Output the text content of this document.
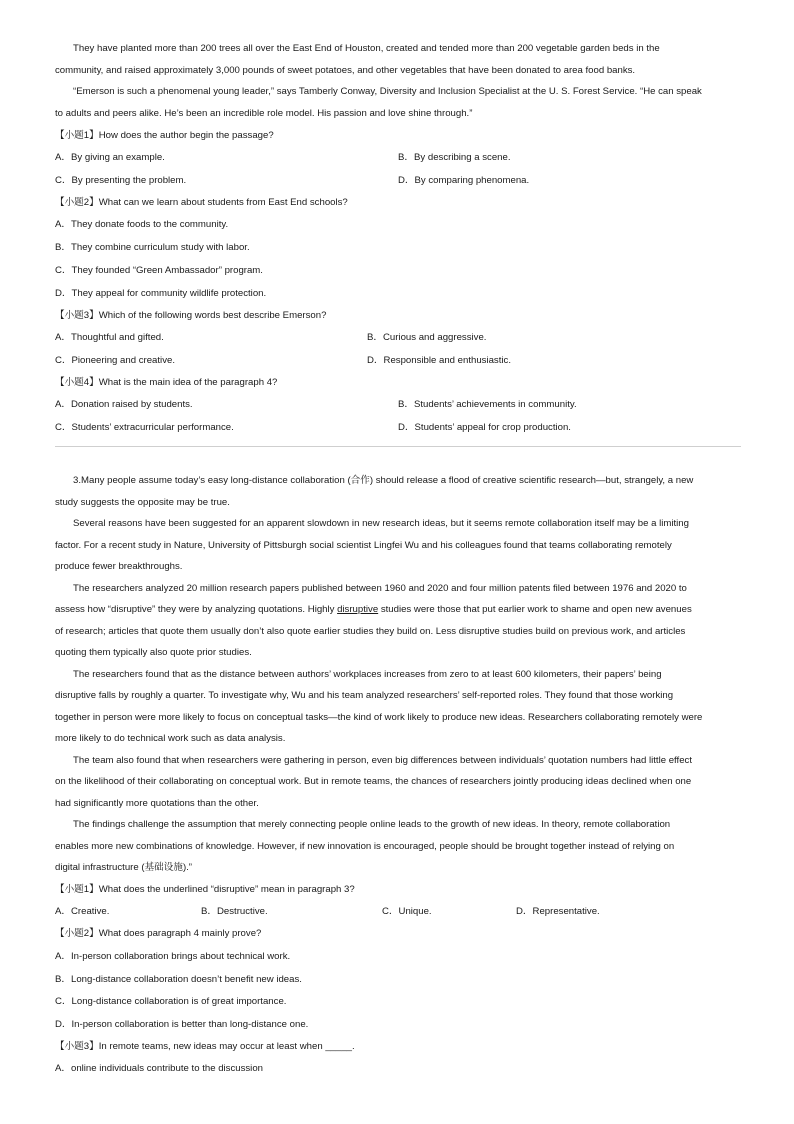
They have planted more than 200 trees all over the East End of Houston, created and tended more than 200 vegetable garden beds in the
community, and raised approximately 3,000 pounds of sweet potatoes, and other vegetables that have been donated to area food banks.
“Emerson is such a phenomenal young leader,” says Tamberly Conway, Diversity and Inclusion Specialist at the U. S. Forest Service. “He can speak
to adults and peers alike. He’s been an incredible role model. His passion and love shine through.”
【小题1】How does the author begin the passage?
A．By giving an example.	B．By describing a scene.
C．By presenting the problem.	D．By comparing phenomena.
【小题2】What can we learn about students from East End schools?
A．They donate foods to the community.
B．They combine curriculum study with labor.
C．They founded “Green Ambassador” program.
D．They appeal for community wildlife protection.
【小题3】Which of the following words best describe Emerson?
A．Thoughtful and gifted.	B．Curious and aggressive.
C．Pioneering and creative.	D．Responsible and enthusiastic.
【小题4】What is the main idea of the paragraph 4?
A．Donation raised by students.	B．Students’ achievements in community.
C．Students’ extracurricular performance.	D．Students’ appeal for crop production.
3.Many people assume today’s easy long-distance collaboration (合作) should release a flood of creative scientific research—but, strangely, a new
study suggests the opposite may be true.
Several reasons have been suggested for an apparent slowdown in new research ideas, but it seems remote collaboration itself may be a limiting
factor. For a recent study in Nature, University of Pittsburgh social scientist Lingfei Wu and his colleagues found that teams collaborating remotely
produce fewer breakthroughs.
The researchers analyzed 20 million research papers published between 1960 and 2020 and four million patents filed between 1976 and 2020 to
assess how “disruptive” they were by analyzing quotations. Highly disruptive studies were those that put earlier work to shame and open new avenues
of research; articles that quote them usually don’t also quote earlier studies they build on. Less disruptive studies build on previous work, and articles
quoting them typically also quote prior studies.
The researchers found that as the distance between authors’ workplaces increases from zero to at least 600 kilometers, their papers’ being
disruptive falls by roughly a quarter. To investigate why, Wu and his team analyzed researchers’ self-reported roles. They found that those working
together in person were more likely to focus on conceptual tasks—the kind of work likely to produce new ideas. Researchers collaborating remotely were
more likely to do technical work such as data analysis.
The team also found that when researchers were gathering in person, even big differences between individuals’ quotation numbers had little effect
on the likelihood of their collaborating on conceptual work. But in remote teams, the chances of researchers jointly producing ideas declined when one
had significantly more quotations than the other.
The findings challenge the assumption that merely connecting people online leads to the growth of new ideas. In theory, remote collaboration
enables more new combinations of knowledge. However, if new innovation is encouraged, people should be brought together instead of relying on
digital infrastructure (基础设施).”
【小题1】What does the underlined “disruptive” mean in paragraph 3?
A．Creative.	B．Destructive.	C．Unique.	D．Representative.
【小题2】What does paragraph 4 mainly prove?
A．In-person collaboration brings about technical work.
B．Long-distance collaboration doesn’t benefit new ideas.
C．Long-distance collaboration is of great importance.
D．In-person collaboration is better than long-distance one.
【小题3】In remote teams, new ideas may occur at least when _____.
A．online individuals contribute to the discussion
